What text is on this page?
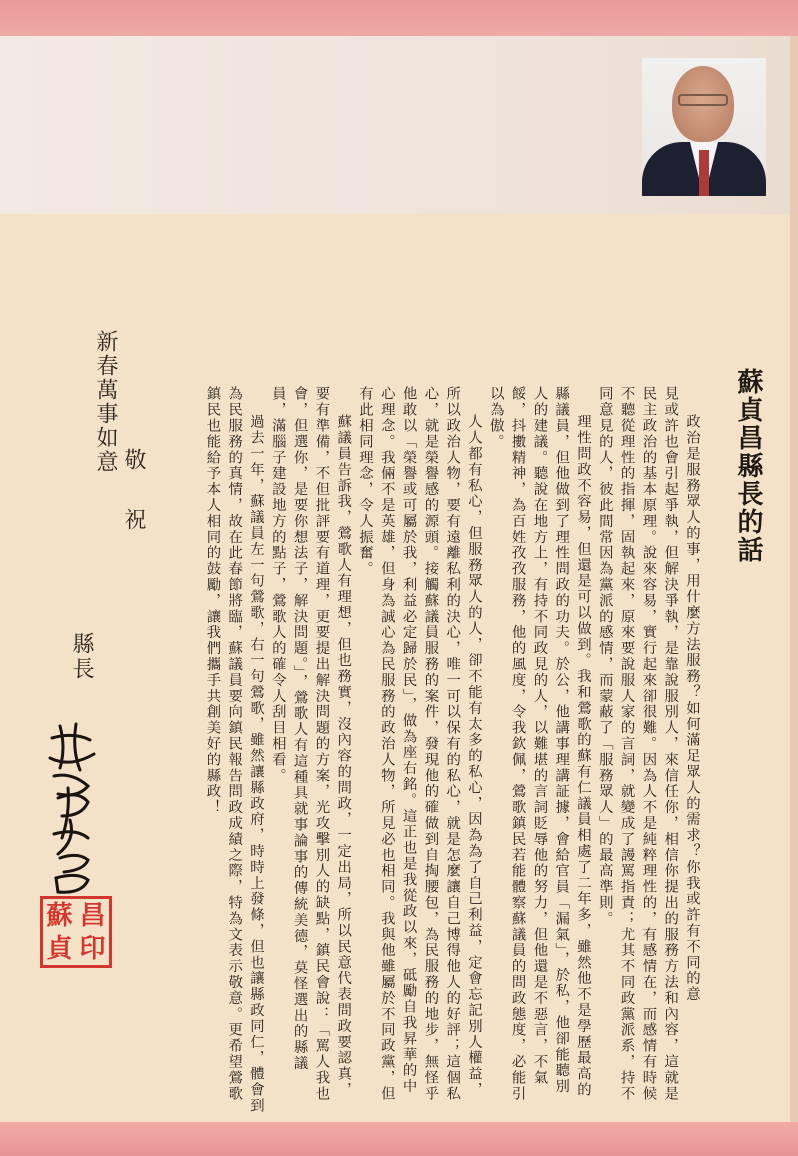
蘇貞昌縣長的話
政治是服務眾人的事，用什麼方法服務？如何滿足眾人的需求？你我或許有不同的意
見或許也會引起爭執，但解決爭執，是靠說服別人，來信任你，相信你提出的服務方法和內容，這就是
民主政治的基本原理。說來容易，實行起來卻很難。因為人不是純粹理性的，有感情在，而感情有時候
不聽從理性的指揮，固執起來，原來要說服人家的言詞，就變成了謾罵指責；尤其不同政黨派系，持不
同意見的人，彼此間常因為黨派的感情，而蒙蔽了「服務眾人」的最高準則。
理性問政不容易，但還是可以做到。我和鶯歌的蘇有仁議員相處了二年多，雖然他不是學歷最高的
縣議員，但他做到了理性問政的功夫。於公，他講事理講証據，會給官員「漏氣」，於私，他卻能聽別
人的建議。聽說在地方上，有持不同政見的人，以難堪的言詞貶辱他的努力，但他還是不惡言，不氣
餒，抖擻精神，為百姓孜孜服務，他的風度，令我欽佩，鶯歌鎮民若能體察蘇議員的問政態度，必能引
以為傲。
人人都有私心，但服務眾人的人，卻不能有太多的私心，因為為了自己利益，定會忘記別人權益，
所以政治人物，要有遠離私利的決心，唯一可以保有的私心，就是怎麼讓自己博得他人的好評；這個私
心，就是榮譽感的源頭。接觸蘇議員服務的案件，發現他的確做到自掏腰包，為民服務的地步，無怪乎
他敢以「榮譽或可屬於我，利益必定歸於民」，做為座右銘。這正也是我從政以來，砥勵自我昇華的中
心理念。我倆不是英雄，但身為誠心為民服務的政治人物，所見必也相同。我與他雖屬於不同政黨，但
有此相同理念，令人振奮。
蘇議員告訴我，鶯歌人有理想，但也務實，沒內容的問政，一定出局，所以民意代表問政要認真，
要有準備，不但批評要有道理，更要提出解決問題的方案，光攻擊別人的缺點，鎮民會說：「罵人我也
會，但選你，是要你想法子，解決問題。」，鶯歌人有這種具就事論事的傳統美德，莫怪選出的縣議
員，滿腦子建設地方的點子，鶯歌人的確令人刮目相看。
過去一年，蘇議員左一句鶯歌，右一句鶯歌，雖然讓縣政府，時時上發條，但也讓縣政同仁，體會到
為民服務的真情，故在此春節將臨，蘇議員要向鎮民報告問政成績之際，特為文表示敬意。更希望鶯歌
鎮民也能給予本人相同的鼓勵，讓我們攜手共創美好的縣政！
新春萬事如意 敬
祝
縣長
蘇 昌
貞 印
